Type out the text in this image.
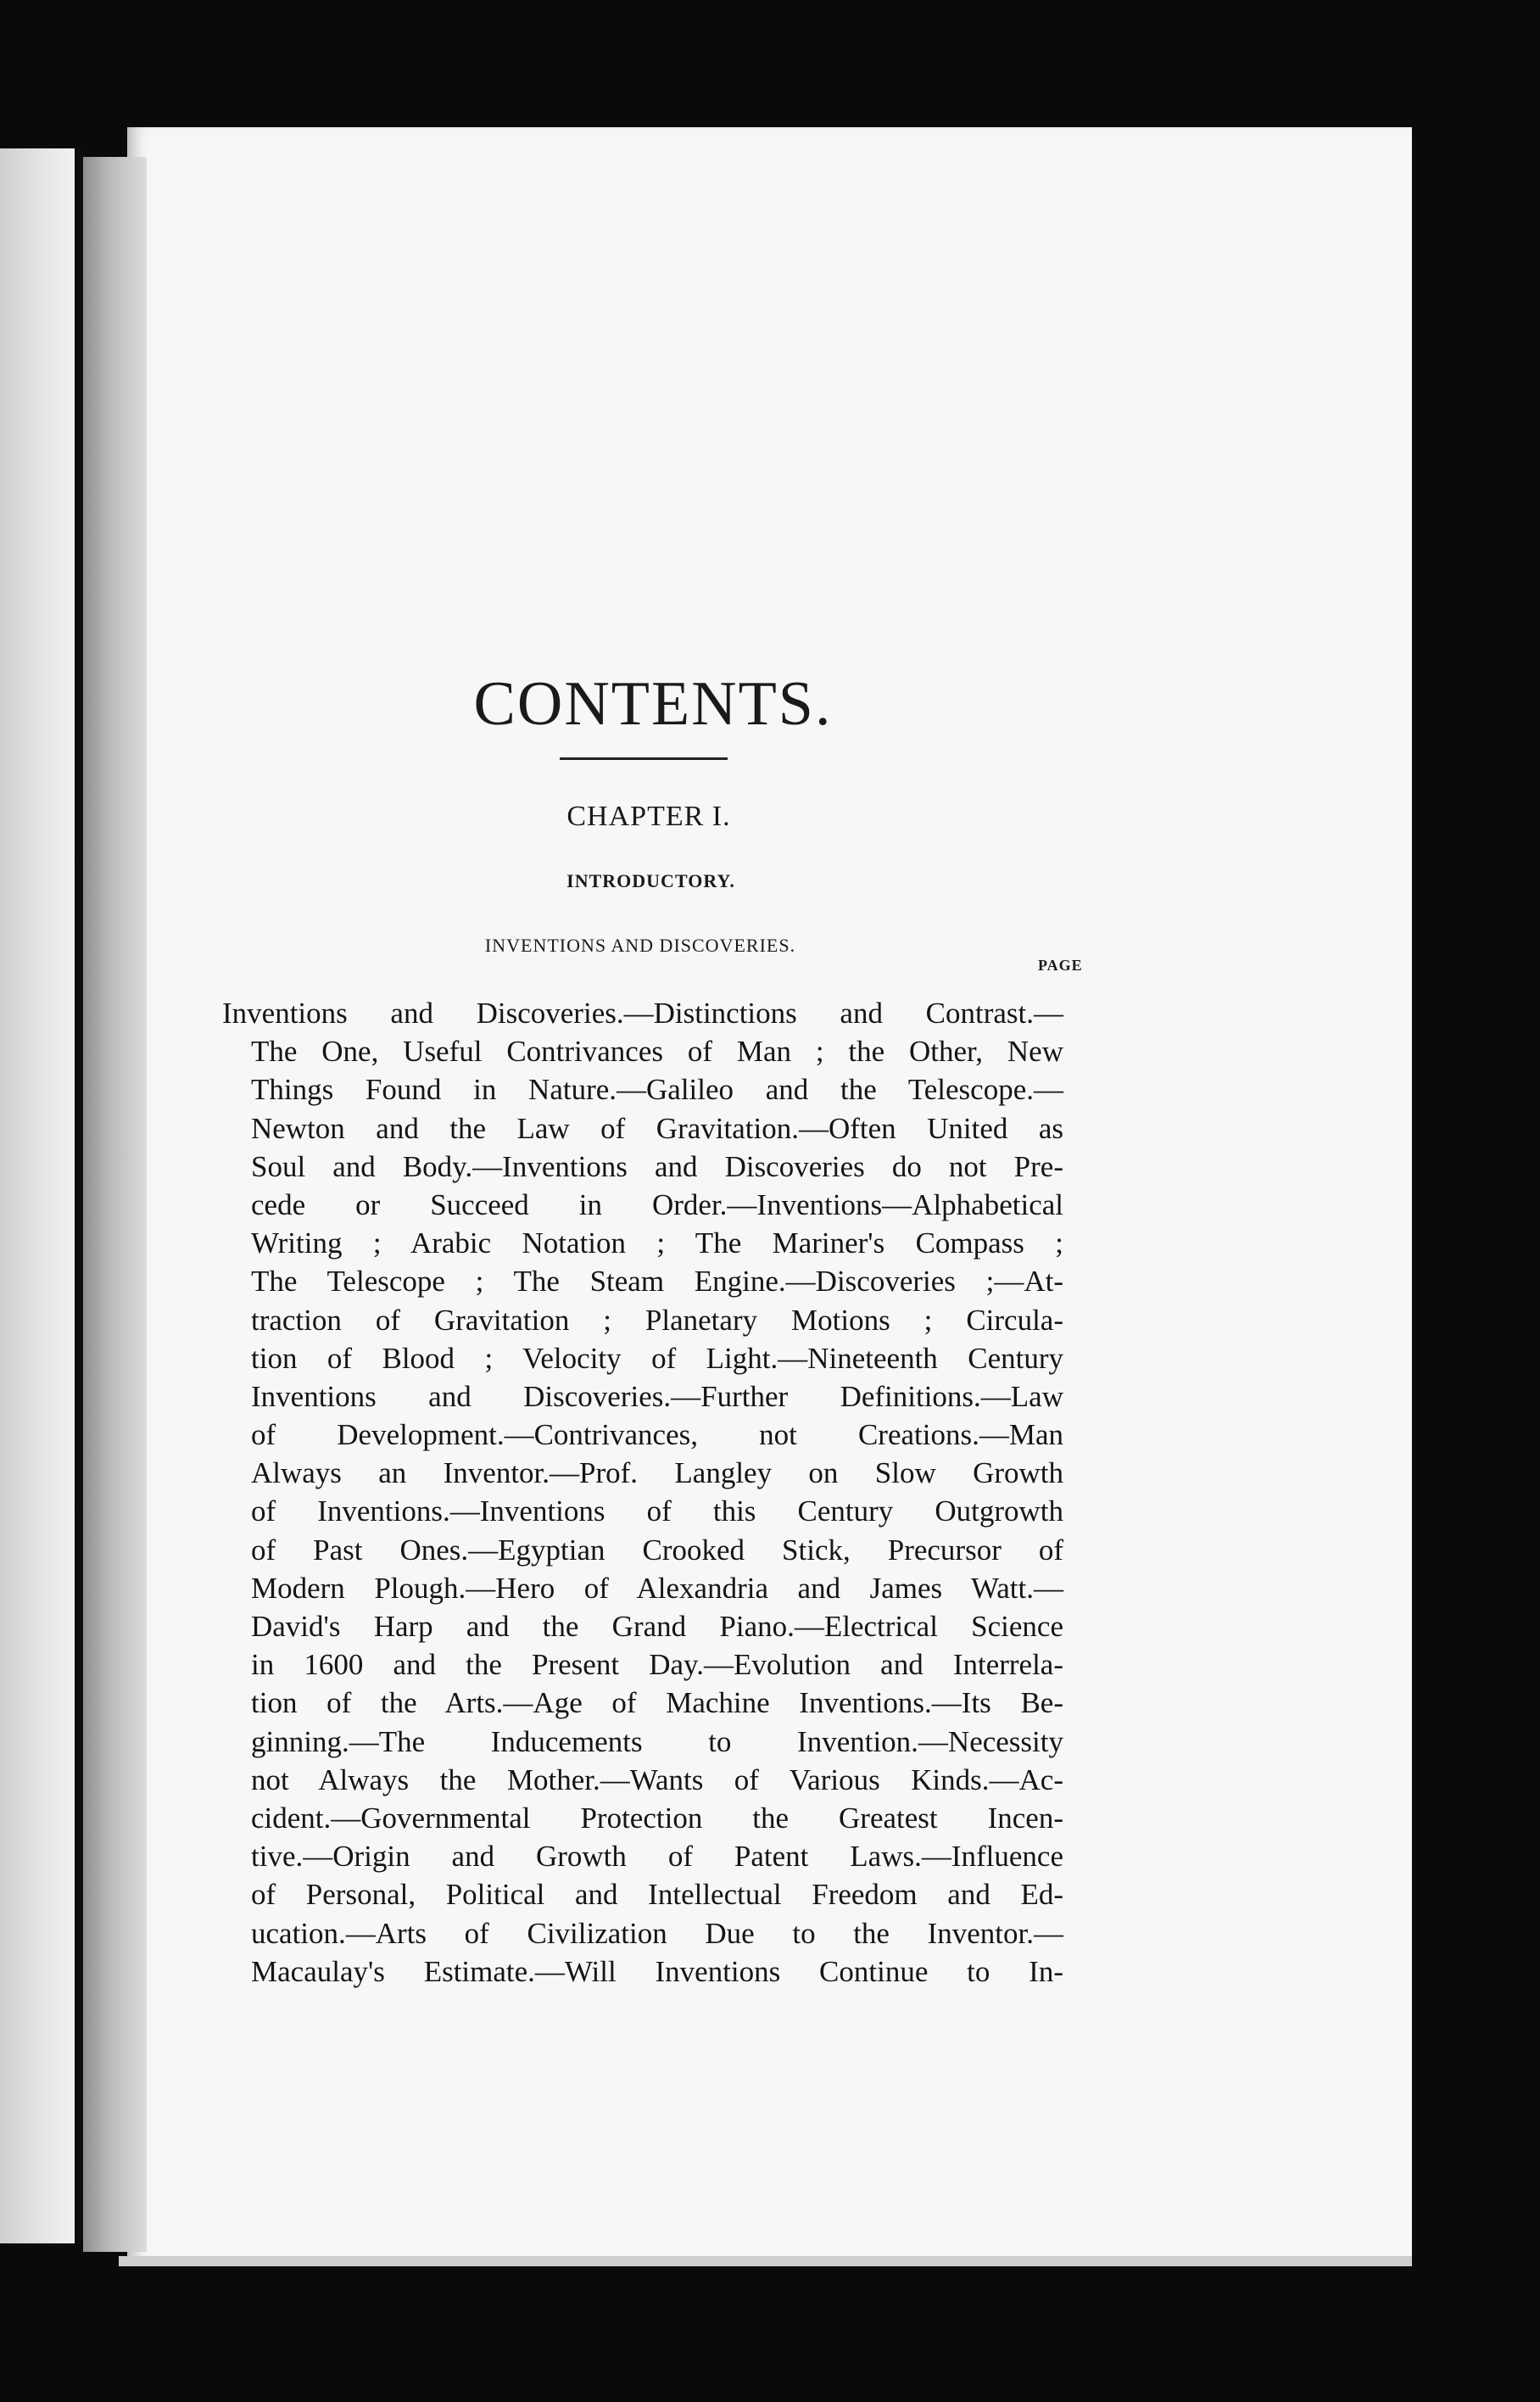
CONTENTS.
CHAPTER I.
INTRODUCTORY.
INVENTIONS AND DISCOVERIES.
PAGE
Inventions and Discoveries.—Distinctions and Contrast.—
The One, Useful Contrivances of Man ; the Other, New
Things Found in Nature.—Galileo and the Telescope.—
Newton and the Law of Gravitation.—Often United as
Soul and Body.—Inventions and Discoveries do not Pre-
cede or Succeed in Order.—Inventions—Alphabetical
Writing ; Arabic Notation ; The Mariner's Compass ;
The Telescope ; The Steam Engine.—Discoveries ;—At-
traction of Gravitation ; Planetary Motions ; Circula-
tion of Blood ; Velocity of Light.—Nineteenth Century
Inventions and Discoveries.—Further Definitions.—Law
of Development.—Contrivances, not Creations.—Man
Always an Inventor.—Prof. Langley on Slow Growth
of Inventions.—Inventions of this Century Outgrowth
of Past Ones.—Egyptian Crooked Stick, Precursor of
Modern Plough.—Hero of Alexandria and James Watt.—
David's Harp and the Grand Piano.—Electrical Science
in 1600 and the Present Day.—Evolution and Interrela-
tion of the Arts.—Age of Machine Inventions.—Its Be-
ginning.—The Inducements to Invention.—Necessity
not Always the Mother.—Wants of Various Kinds.—Ac-
cident.—Governmental Protection the Greatest Incen-
tive.—Origin and Growth of Patent Laws.—Influence
of Personal, Political and Intellectual Freedom and Ed-
ucation.—Arts of Civilization Due to the Inventor.—
Macaulay's Estimate.—Will Inventions Continue to In-
